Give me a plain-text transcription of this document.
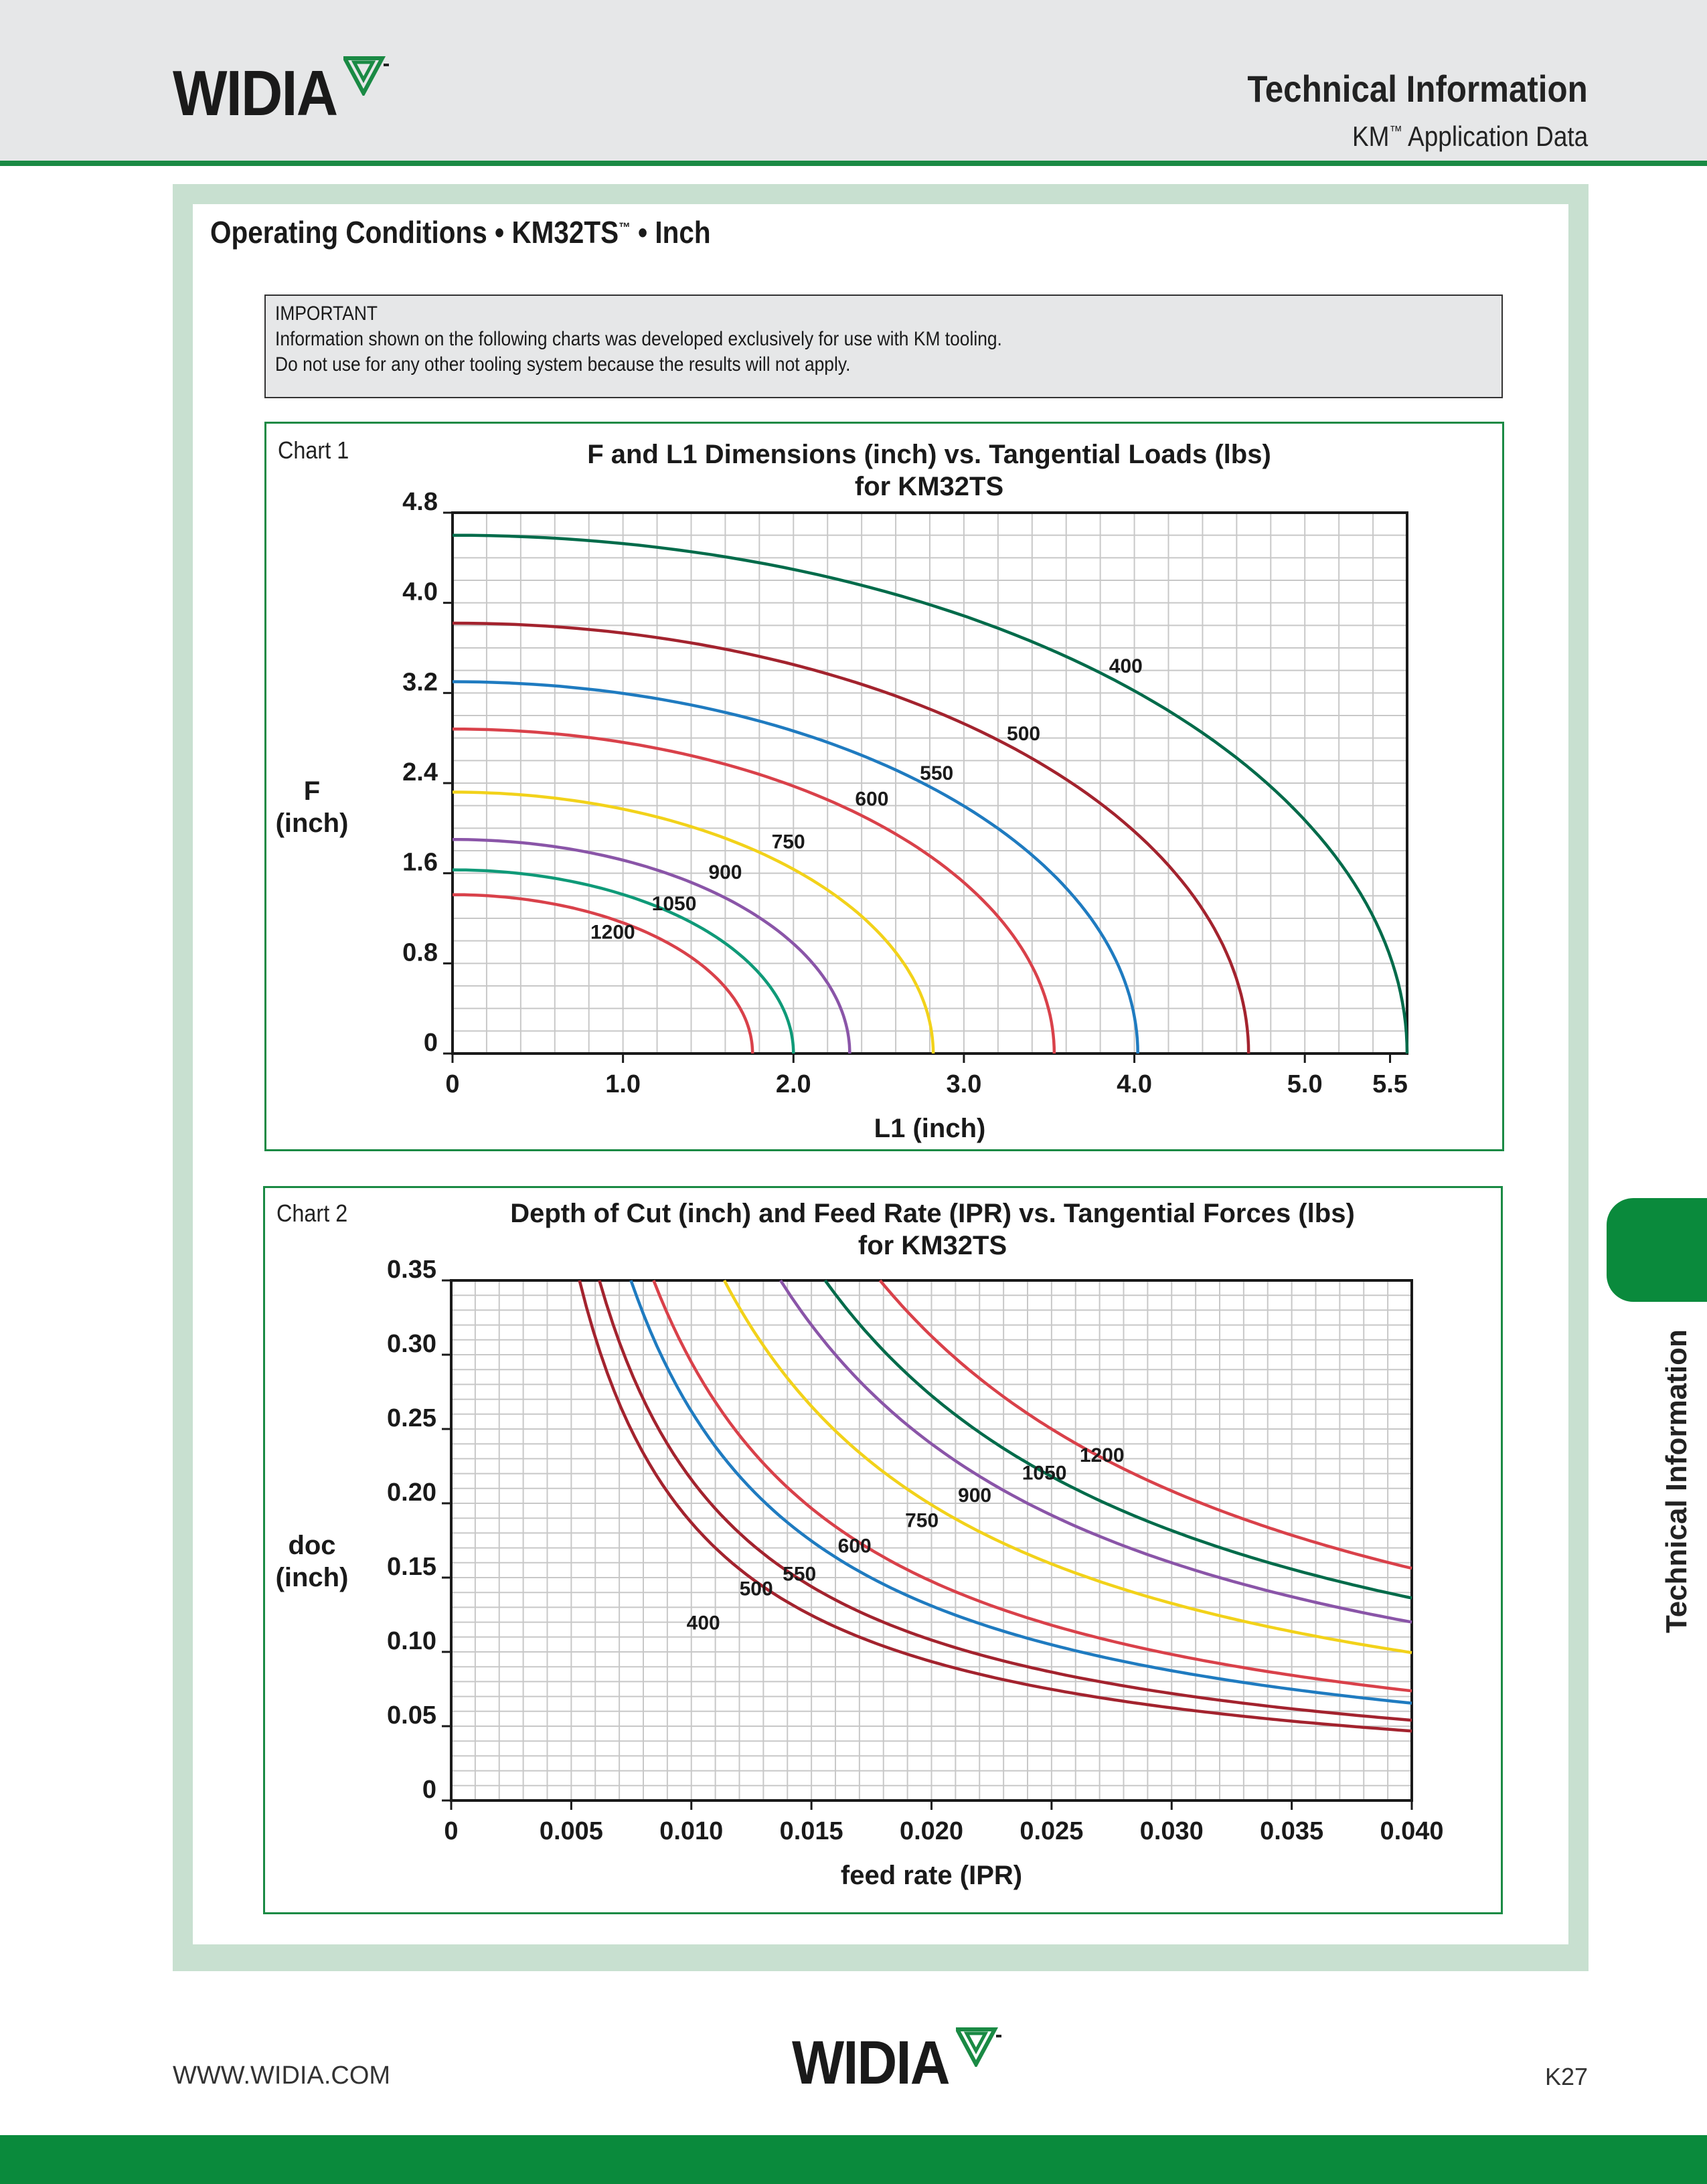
WIDIA	Technical Information
KM™ Application Data
Operating Conditions • KM32TS™ • Inch
IMPORTANT
Information shown on the following charts was developed exclusively for use with KM tooling.
Do not use for any other tooling system because the results will not apply.
Chart 1
0
0.8
1.6
2.4
3.2
4.0
4.8
0	1.0	2.0	3.0	4.0	5.0 5.5
400
500
550
600
750
900
1050
1200
F and L1 Dimensions (inch) vs. Tangential Loads (lbs)
for KM32TS
L1 (inch)
F
(inch)
Chart 2
0
0.05
0.10
0.15
0.20
0.25
0.30
0.35
0	0.005 0.010 0.015 0.020 0.025 0.030 0.035 0.040
400
500
550
600
750
900
1050
1200
Depth of Cut (inch) and Feed Rate (IPR) vs. Tangential Forces (lbs)
for KM32TS
feed rate (IPR)
doc
(inch)	Technical Information
WWW.WIDIA.COM	WIDIA	K27
